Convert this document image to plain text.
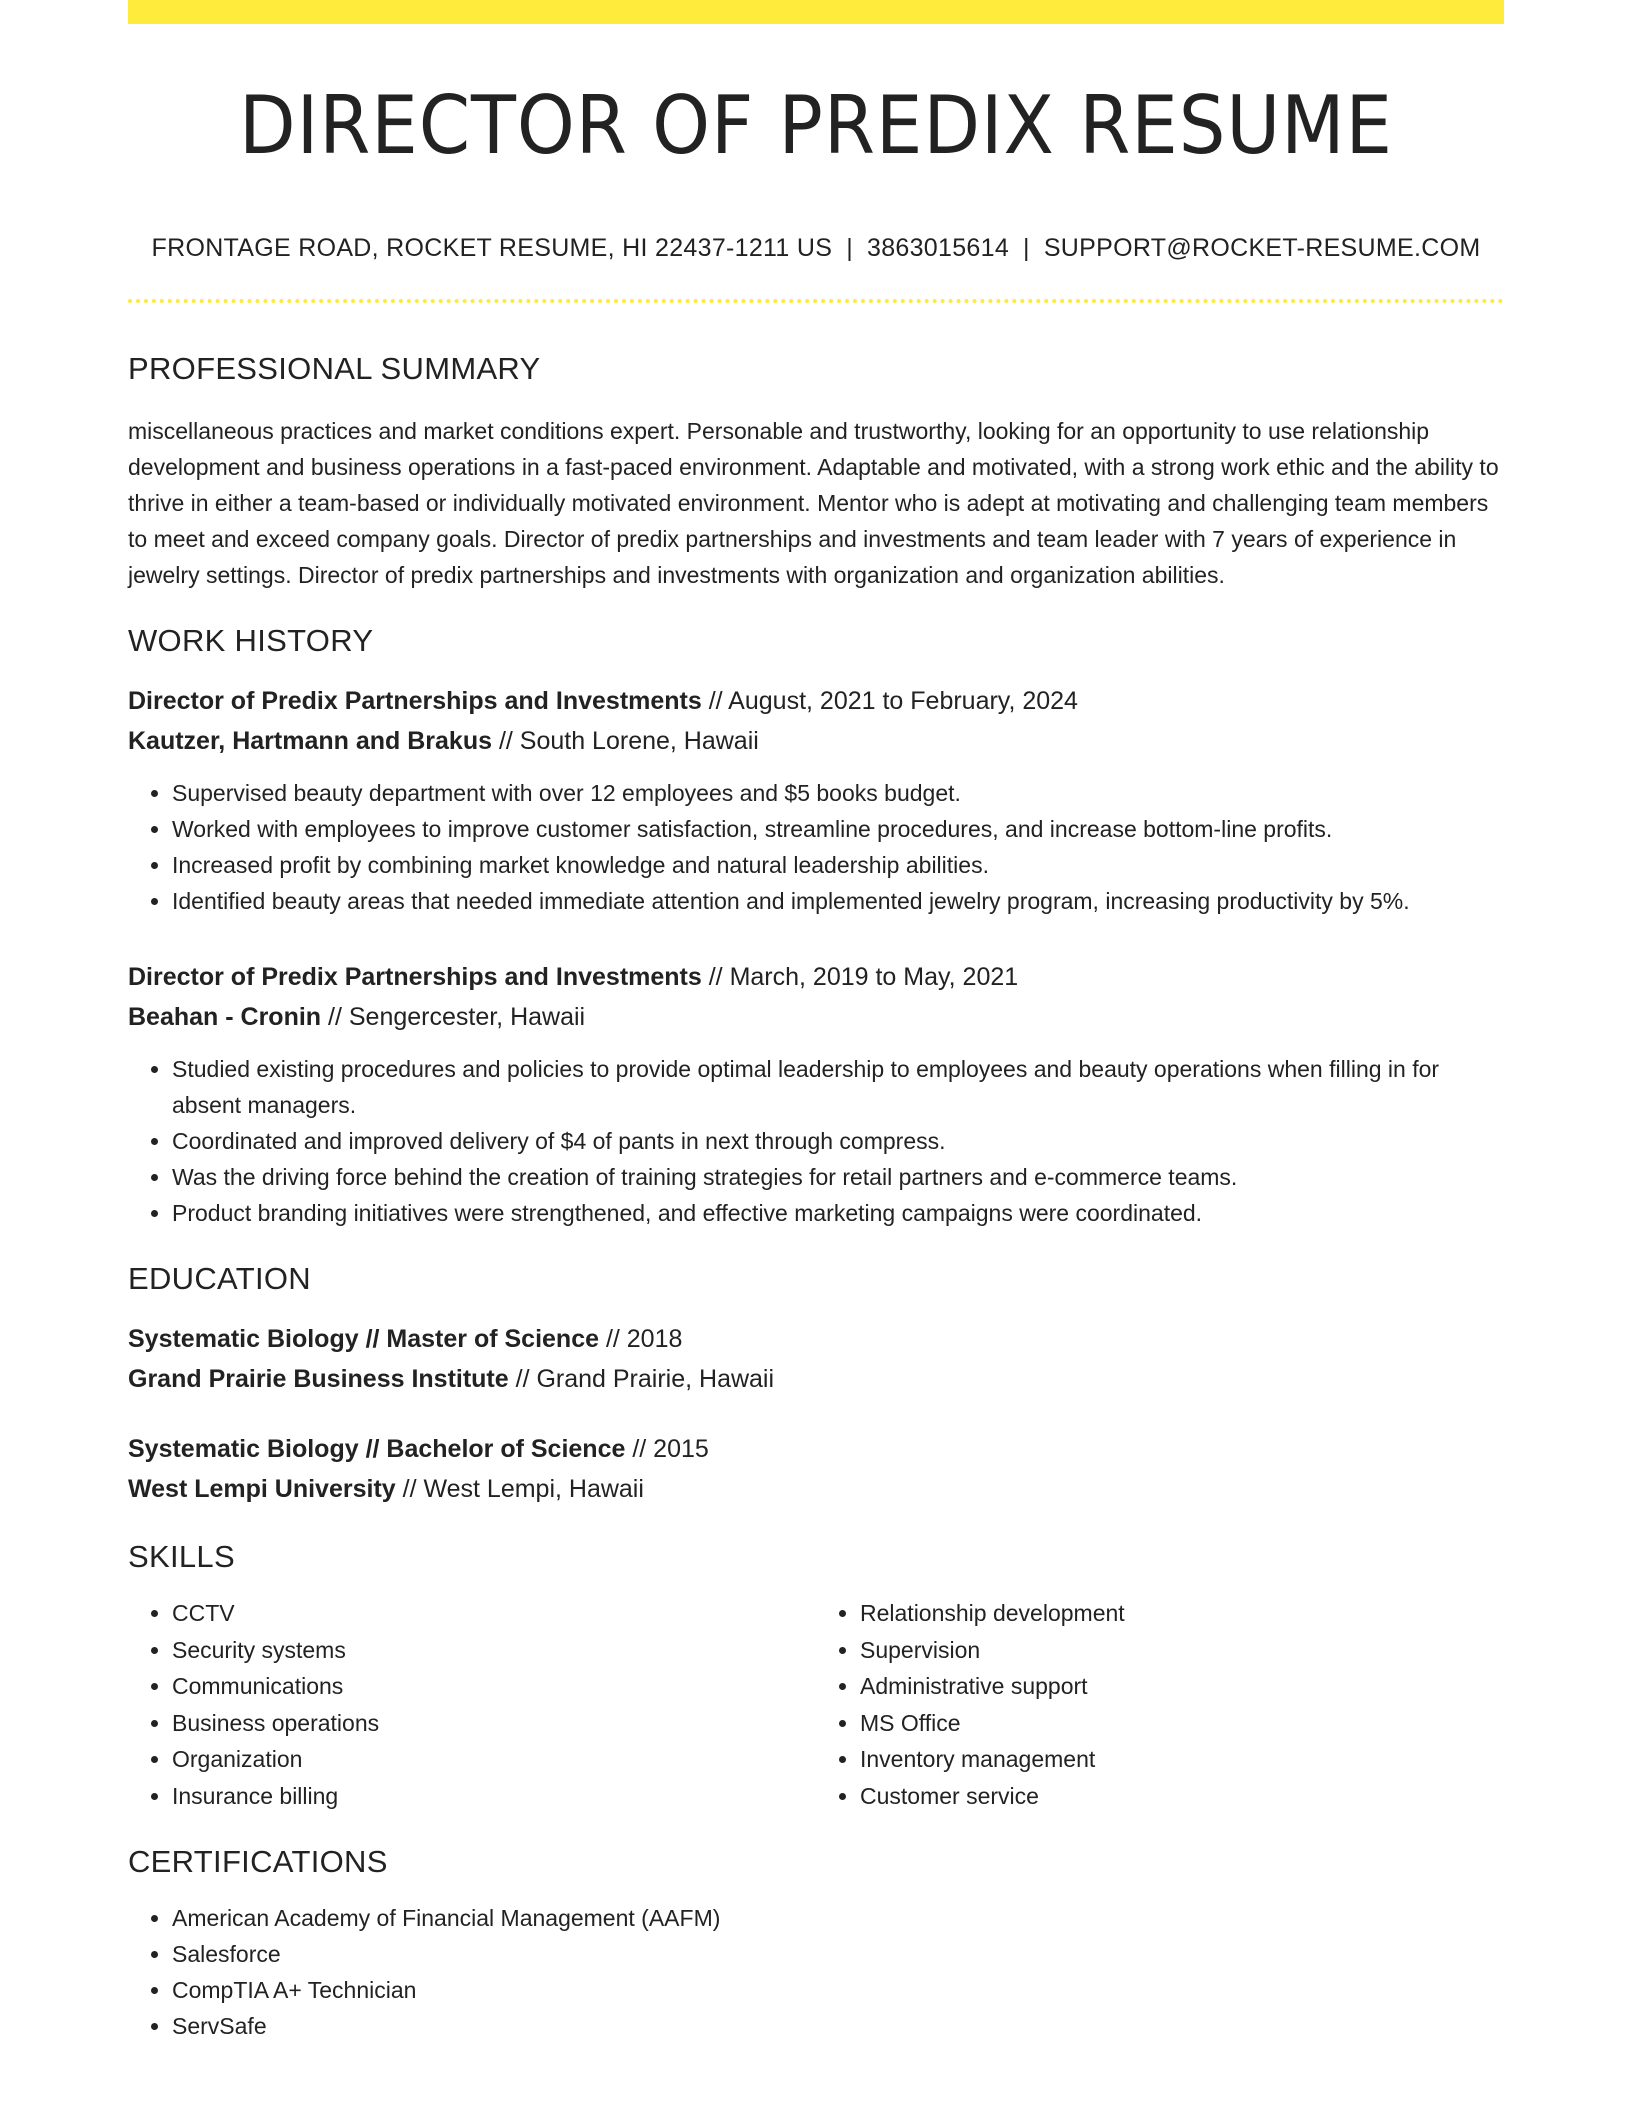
DIRECTOR OF PREDIX RESUME
FRONTAGE ROAD, ROCKET RESUME, HI 22437-1211 US | 3863015614 | SUPPORT@ROCKET-RESUME.COM
PROFESSIONAL SUMMARY
miscellaneous practices and market conditions expert. Personable and trustworthy, looking for an opportunity to use relationship development and business operations in a fast-paced environment. Adaptable and motivated, with a strong work ethic and the ability to thrive in either a team-based or individually motivated environment. Mentor who is adept at motivating and challenging team members to meet and exceed company goals. Director of predix partnerships and investments and team leader with 7 years of experience in jewelry settings. Director of predix partnerships and investments with organization and organization abilities.
WORK HISTORY
Director of Predix Partnerships and Investments // August, 2021 to February, 2024
Kautzer, Hartmann and Brakus // South Lorene, Hawaii
• Supervised beauty department with over 12 employees and $5 books budget.
• Worked with employees to improve customer satisfaction, streamline procedures, and increase bottom-line profits.
• Increased profit by combining market knowledge and natural leadership abilities.
• Identified beauty areas that needed immediate attention and implemented jewelry program, increasing productivity by 5%.
Director of Predix Partnerships and Investments // March, 2019 to May, 2021
Beahan - Cronin // Sengercester, Hawaii
• Studied existing procedures and policies to provide optimal leadership to employees and beauty operations when filling in for absent managers.
• Coordinated and improved delivery of $4 of pants in next through compress.
• Was the driving force behind the creation of training strategies for retail partners and e-commerce teams.
• Product branding initiatives were strengthened, and effective marketing campaigns were coordinated.
EDUCATION
Systematic Biology // Master of Science // 2018
Grand Prairie Business Institute // Grand Prairie, Hawaii
Systematic Biology // Bachelor of Science // 2015
West Lempi University // West Lempi, Hawaii
SKILLS
• CCTV
• Security systems
• Communications
• Business operations
• Organization
• Insurance billing
• Relationship development
• Supervision
• Administrative support
• MS Office
• Inventory management
• Customer service
CERTIFICATIONS
• American Academy of Financial Management (AAFM)
• Salesforce
• CompTIA A+ Technician
• ServSafe
